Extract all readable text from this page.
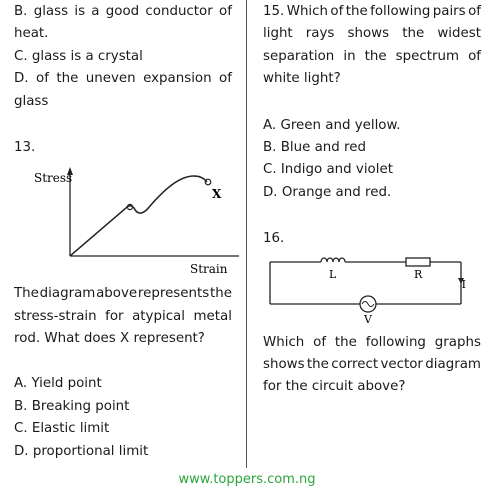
B. glass is a good conductor of
heat.
C. glass is a crystal
D. of the uneven expansion of
glass
13.
Stress
Strain
X
The diagram above represents the
stress-strain for atypical metal
rod. What does X represent?
A. Yield point
B. Breaking point
C. Elastic limit
D. proportional limit
15. Which of the following pairs of
light rays shows the widest
separation in the spectrum of
white light?
A. Green and yellow.
B. Blue and red
C. Indigo and violet
D. Orange and red.
16.
L	R
I
V
Which of the following graphs
shows the correct vector diagram
for the circuit above?
www.toppers.com.ng
